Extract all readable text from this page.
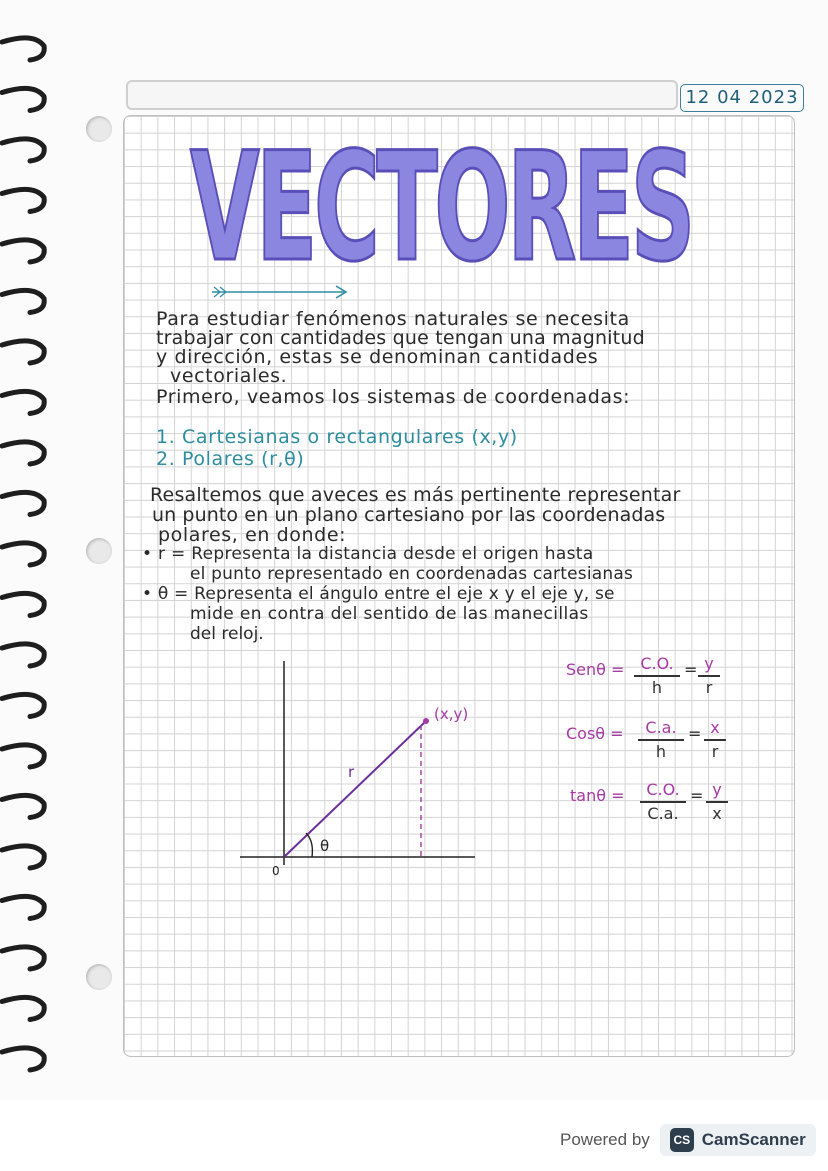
12 04 2023
VECTORES
Para estudiar fenómenos naturales se necesita
trabajar con cantidades que tengan una magnitud
y dirección, estas se denominan cantidades
vectoriales.
Primero, veamos los sistemas de coordenadas:
1. Cartesianas o rectangulares (x,y)
2. Polares (r,θ)
Resaltemos que aveces es más pertinente representar
un punto en un plano cartesiano por las coordenadas
polares, en donde:
• r = Representa la distancia desde el origen hasta
el punto representado en coordenadas cartesianas
• θ = Representa el ángulo entre el eje x y el eje y, se
mide en contra del sentido de las manecillas
del reloj.
(x,y)
r
θ
0
Senθ = C.O.
h
= y
r
Cosθ =	C.a.
h
= x
r
tanθ =	C.O.
C.a.
= y
x
Powered by	CS CamScanner
